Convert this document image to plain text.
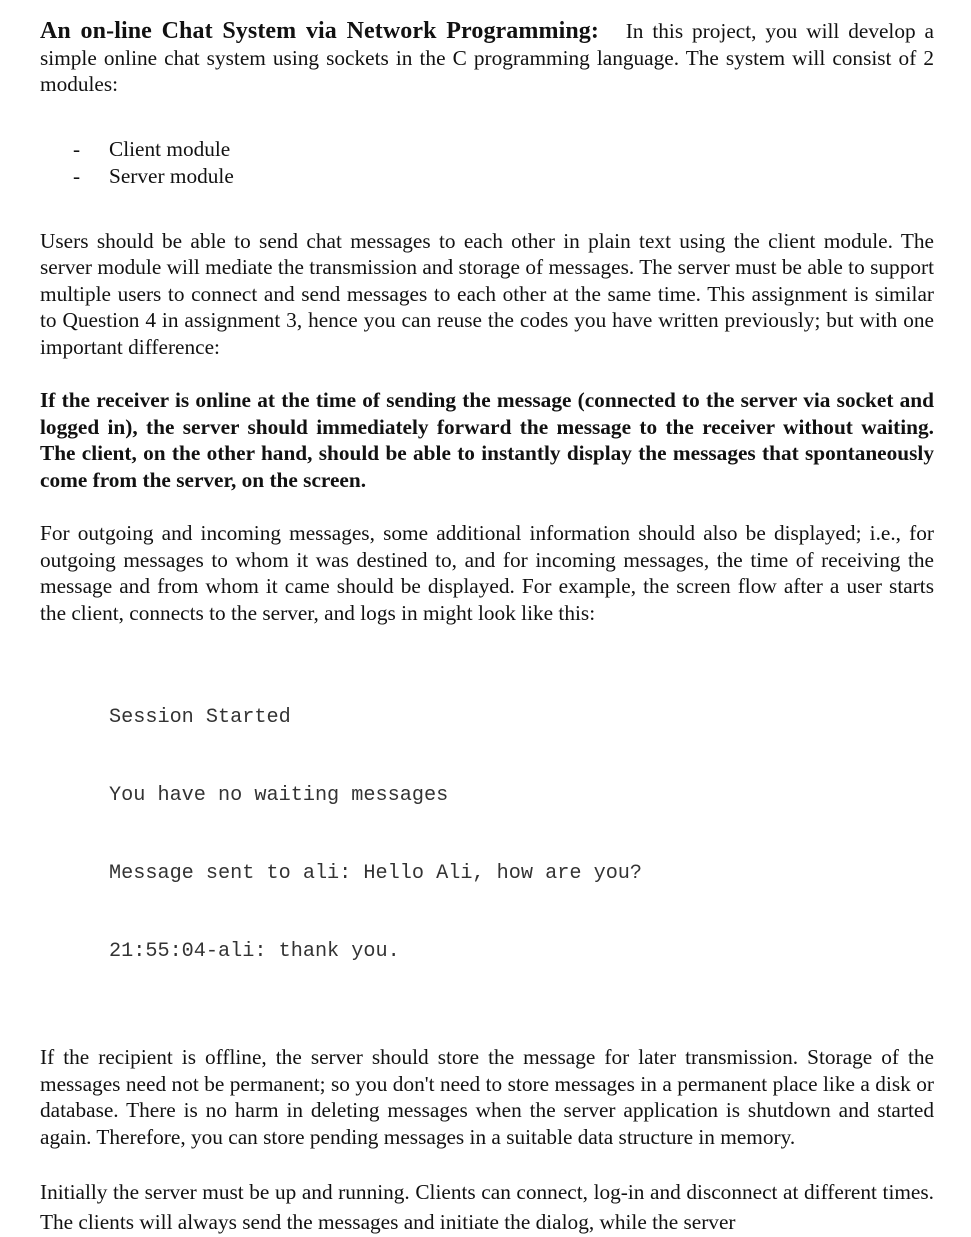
An on-line Chat System via Network Programming: In this project, you will develop a simple online chat system using sockets in the C programming language. The system will consist of 2 modules:

- Client module
- Server module

Users should be able to send chat messages to each other in plain text using the client module. The server module will mediate the transmission and storage of messages. The server must be able to support multiple users to connect and send messages to each other at the same time. This assignment is similar to Question 4 in assignment 3, hence you can reuse the codes you have written previously; but with one important difference:

If the receiver is online at the time of sending the message (connected to the server via socket and logged in), the server should immediately forward the message to the receiver without waiting. The client, on the other hand, should be able to instantly display the messages that spontaneously come from the server, on the screen.

For outgoing and incoming messages, some additional information should also be displayed; i.e., for outgoing messages to whom it was destined to, and for incoming messages, the time of receiving the message and from whom it came should be displayed. For example, the screen flow after a user starts the client, connects to the server, and logs in might look like this:

Session Started

You have no waiting messages

Message sent to ali: Hello Ali, how are you?

21:55:04-ali: thank you.

If the recipient is offline, the server should store the message for later transmission. Storage of the messages need not be permanent; so you don't need to store messages in a permanent place like a disk or database. There is no harm in deleting messages when the server application is shutdown and started again. Therefore, you can store pending messages in a suitable data structure in memory.

Initially the server must be up and running. Clients can connect, log-in and disconnect at different times. The clients will always send the messages and initiate the dialog, while the server
